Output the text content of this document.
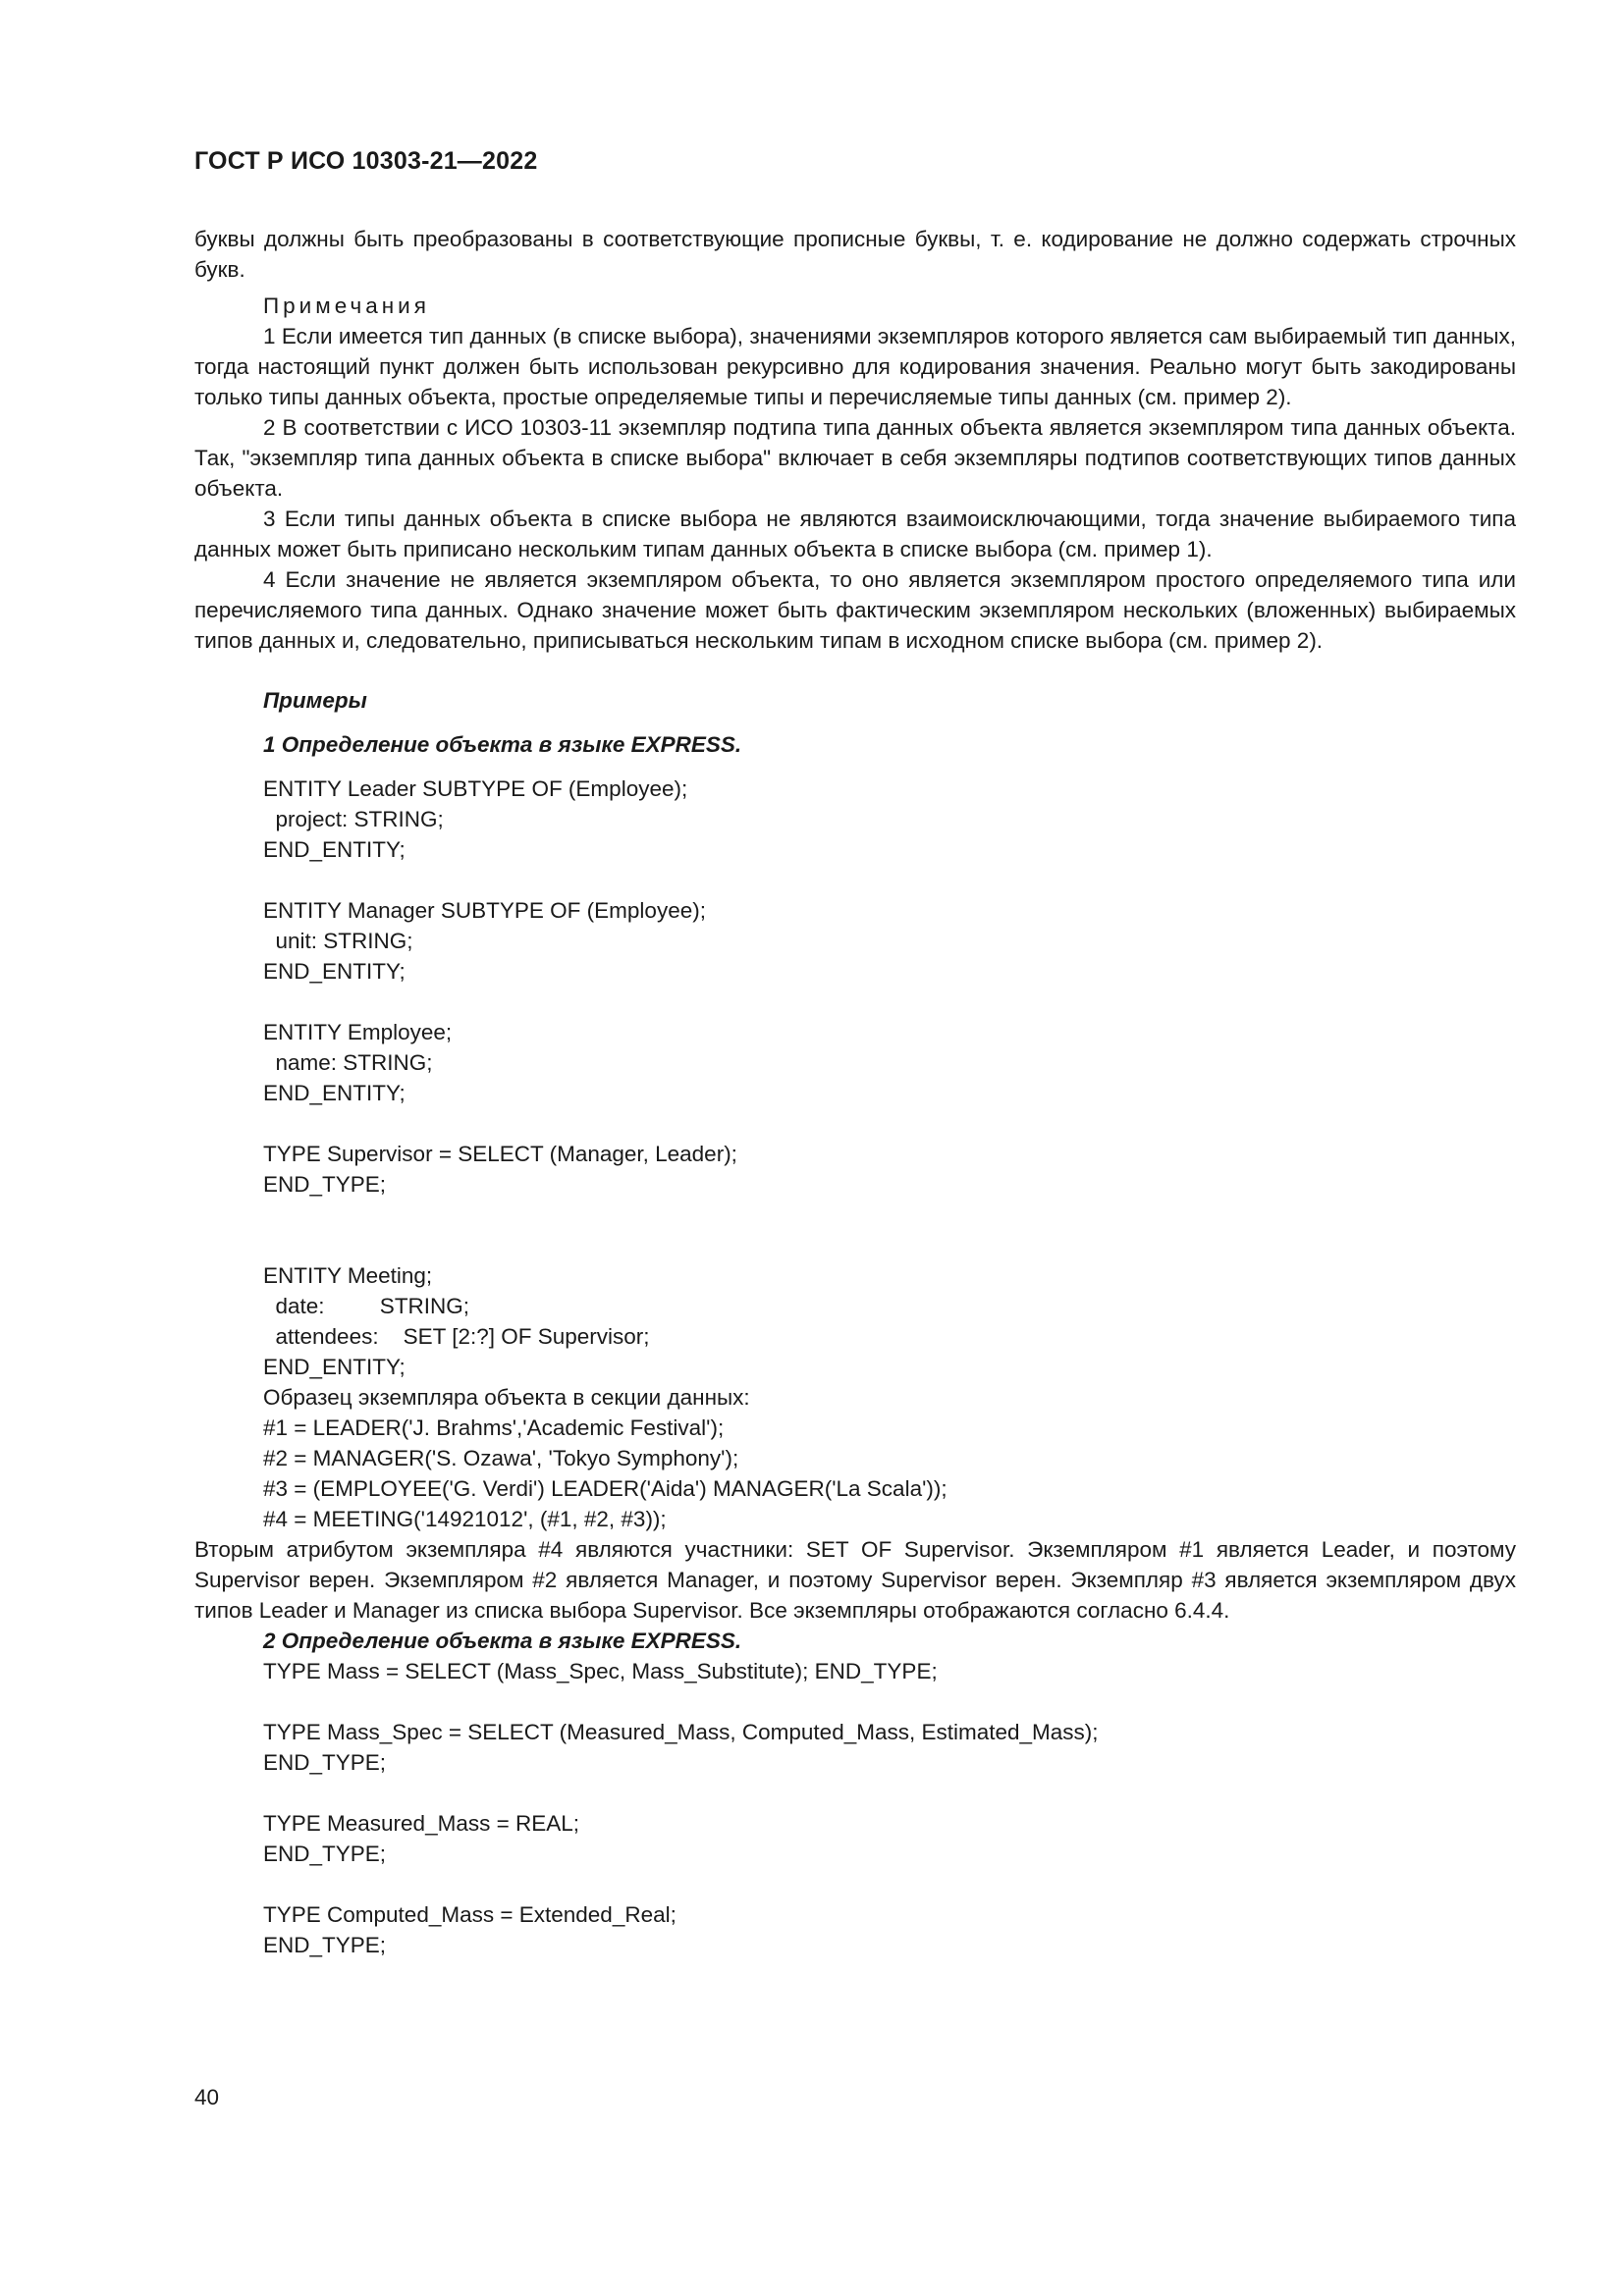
ГОСТ Р ИСО 10303-21—2022

буквы должны быть преобразованы в соответствующие прописные буквы, т. е. кодирование не должно содержать строчных букв.

Примечания

1 Если имеется тип данных (в списке выбора), значениями экземпляров которого является сам выбираемый тип данных, тогда настоящий пункт должен быть использован рекурсивно для кодирования значения. Реально могут быть закодированы только типы данных объекта, простые определяемые типы и перечисляемые типы данных (см. пример 2).

2 В соответствии с ИСО 10303-11 экземпляр подтипа типа данных объекта является экземпляром типа данных объекта. Так, "экземпляр типа данных объекта в списке выбора" включает в себя экземпляры подтипов соответствующих типов данных объекта.

3 Если типы данных объекта в списке выбора не являются взаимоисключающими, тогда значение выбираемого типа данных может быть приписано нескольким типам данных объекта в списке выбора (см. пример 1).

4 Если значение не является экземпляром объекта, то оно является экземпляром простого определяемого типа или перечисляемого типа данных. Однако значение может быть фактическим экземпляром нескольких (вложенных) выбираемых типов данных и, следовательно, приписываться нескольким типам в исходном списке выбора (см. пример 2).

Примеры

1 Определение объекта в языке EXPRESS.

ENTITY Leader SUBTYPE OF (Employee);
project: STRING;
END_ENTITY;
ENTITY Manager SUBTYPE OF (Employee);
unit: STRING;
END_ENTITY;
ENTITY Employee;
name: STRING;
END_ENTITY;
TYPE Supervisor = SELECT (Manager, Leader);
END_TYPE;
ENTITY Meeting;
date:         STRING;
attendees:    SET [2:?] OF Supervisor;
END_ENTITY;
Образец экземпляра объекта в секции данных:
#1 = LEADER('J. Brahms','Academic Festival');
#2 = MANAGER('S. Ozawa', 'Tokyo Symphony');
#3 = (EMPLOYEE('G. Verdi') LEADER('Aida') MANAGER('La Scala'));
#4 = MEETING('14921012', (#1, #2, #3));

Вторым атрибутом экземпляра #4 являются участники: SET OF Supervisor. Экземпляром #1 является Leader, и поэтому Supervisor верен. Экземпляром #2 является Manager, и поэтому Supervisor верен. Экземпляр #3 является экземпляром двух типов Leader и Manager из списка выбора Supervisor. Все экземпляры отображаются согласно 6.4.4.

2 Определение объекта в языке EXPRESS.

TYPE Mass = SELECT (Mass_Spec, Mass_Substitute); END_TYPE;
TYPE Mass_Spec = SELECT (Measured_Mass, Computed_Mass, Estimated_Mass);
END_TYPE;
TYPE Measured_Mass = REAL;
END_TYPE;
TYPE Computed_Mass = Extended_Real;
END_TYPE;
40
